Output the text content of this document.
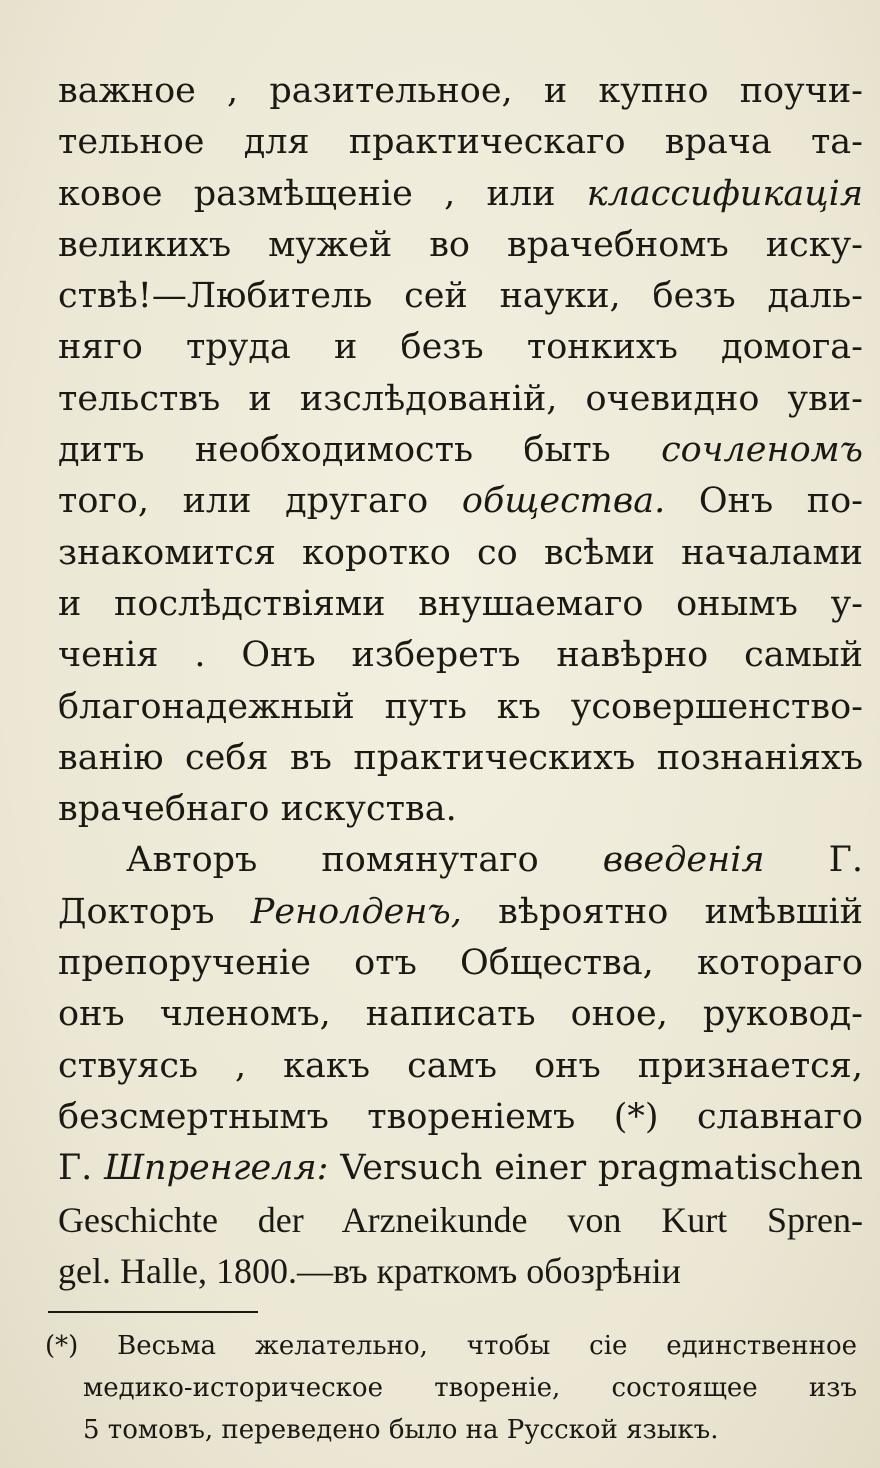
важное , разительное, и купно поучи-
тельное для практическаго врача та-
ковое размѣщеніе , или классификація
великихъ мужей во врачебномъ иску-
ствѣ!—Любитель сей науки, безъ даль-
няго труда и безъ тонкихъ домога-
тельствъ и изслѣдованій, очевидно уви-
дитъ необходимость быть сочленомъ
того, или другаго общества. Онъ по-
знакомится коротко со всѣми началами
и послѣдствіями внушаемаго онымъ у-
ченія . Онъ изберетъ навѣрно самый
благонадежный путь къ усовершенство-
ванію себя въ практическихъ познаніяхъ
врачебнаго искуства.
Авторъ помянутаго введенія Г.
Докторъ Ренолденъ, вѣроятно имѣвшій
препорученіе отъ Общества, котораго
онъ членомъ, написать оное, руковод-
ствуясь , какъ самъ онъ признается,
безсмертнымъ твореніемъ (*) славнаго
Г. Шпренгеля: Versuch einer pragmatischen
Geschichte der Arzneikunde von Kurt Spren-
gel. Halle, 1800.—въ краткомъ обозрѣніи
(*) Весьма желательно, чтобы сіе единственное
медико-историческое твореніе, состоящее изъ
5 томовъ, переведено было на Русской языкъ.
